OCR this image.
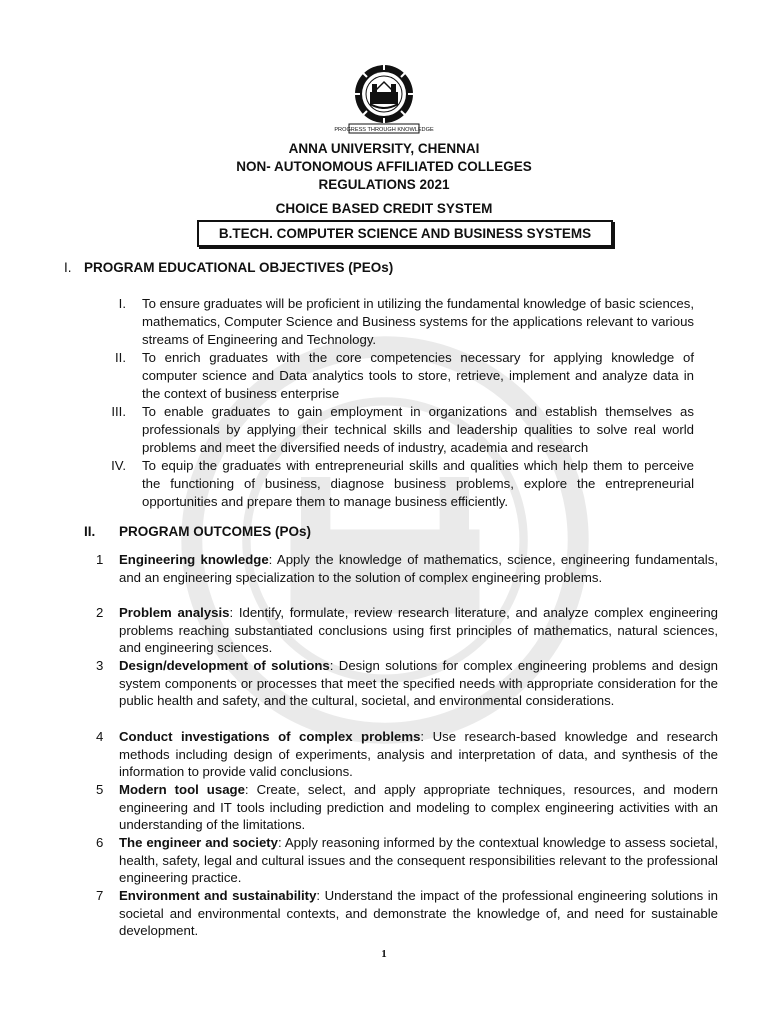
PROGRESS THROUGH KNOWLEDGE
ANNA UNIVERSITY, CHENNAI
NON- AUTONOMOUS AFFILIATED COLLEGES
REGULATIONS 2021
CHOICE BASED CREDIT SYSTEM
B.TECH. COMPUTER SCIENCE AND BUSINESS SYSTEMS
I. PROGRAM EDUCATIONAL OBJECTIVES (PEOs)
I. To ensure graduates will be proficient in utilizing the fundamental knowledge of basic sciences, mathematics, Computer Science and Business systems for the applications relevant to various streams of Engineering and Technology.
II. To enrich graduates with the core competencies necessary for applying knowledge of computer science and Data analytics tools to store, retrieve, implement and analyze data in the context of business enterprise
III. To enable graduates to gain employment in organizations and establish themselves as professionals by applying their technical skills and leadership qualities to solve real world problems and meet the diversified needs of industry, academia and research
IV. To equip the graduates with entrepreneurial skills and qualities which help them to perceive the functioning of business, diagnose business problems, explore the entrepreneurial opportunities and prepare them to manage business efficiently.
II. PROGRAM OUTCOMES (POs)
1	Engineering knowledge: Apply the knowledge of mathematics, science, engineering fundamentals, and an engineering specialization to the solution of complex engineering problems.
2	Problem analysis: Identify, formulate, review research literature, and analyze complex engineering problems reaching substantiated conclusions using first principles of mathematics, natural sciences, and engineering sciences.
3	Design/development of solutions: Design solutions for complex engineering problems and design system components or processes that meet the specified needs with appropriate consideration for the public health and safety, and the cultural, societal, and environmental considerations.
4	Conduct investigations of complex problems: Use research-based knowledge and research methods including design of experiments, analysis and interpretation of data, and synthesis of the information to provide valid conclusions.
5	Modern tool usage: Create, select, and apply appropriate techniques, resources, and modern engineering and IT tools including prediction and modeling to complex engineering activities with an understanding of the limitations.
6	The engineer and society: Apply reasoning informed by the contextual knowledge to assess societal, health, safety, legal and cultural issues and the consequent responsibilities relevant to the professional engineering practice.
7	Environment and sustainability: Understand the impact of the professional engineering solutions in societal and environmental contexts, and demonstrate the knowledge of, and need for sustainable development.
1
